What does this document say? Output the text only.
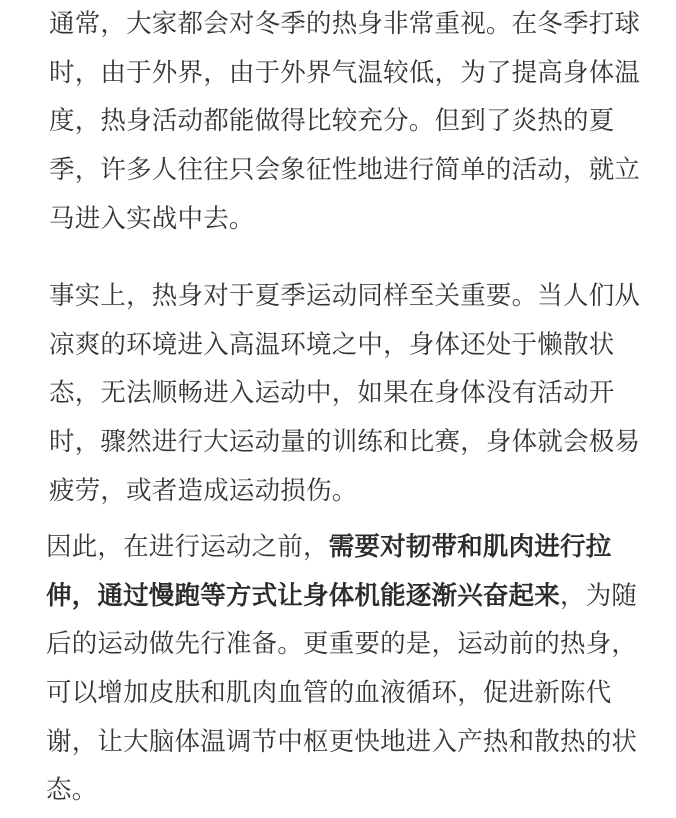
通常，大家都会对冬季的热身非常重视。在冬季打球
时，由于外界，由于外界气温较低，为了提高身体温
度，热身活动都能做得比较充分。但到了炎热的夏
季，许多人往往只会象征性地进行简单的活动，就立
马进入实战中去。
事实上，热身对于夏季运动同样至关重要。当人们从
凉爽的环境进入高温环境之中，身体还处于懒散状
态，无法顺畅进入运动中，如果在身体没有活动开
时，骤然进行大运动量的训练和比赛，身体就会极易
疲劳，或者造成运动损伤。
因此，在进行运动之前，需要对韧带和肌肉进行拉
伸，通过慢跑等方式让身体机能逐渐兴奋起来，为随
后的运动做先行准备。更重要的是，运动前的热身，
可以增加皮肤和肌肉血管的血液循环，促进新陈代
谢，让大脑体温调节中枢更快地进入产热和散热的状
态。
